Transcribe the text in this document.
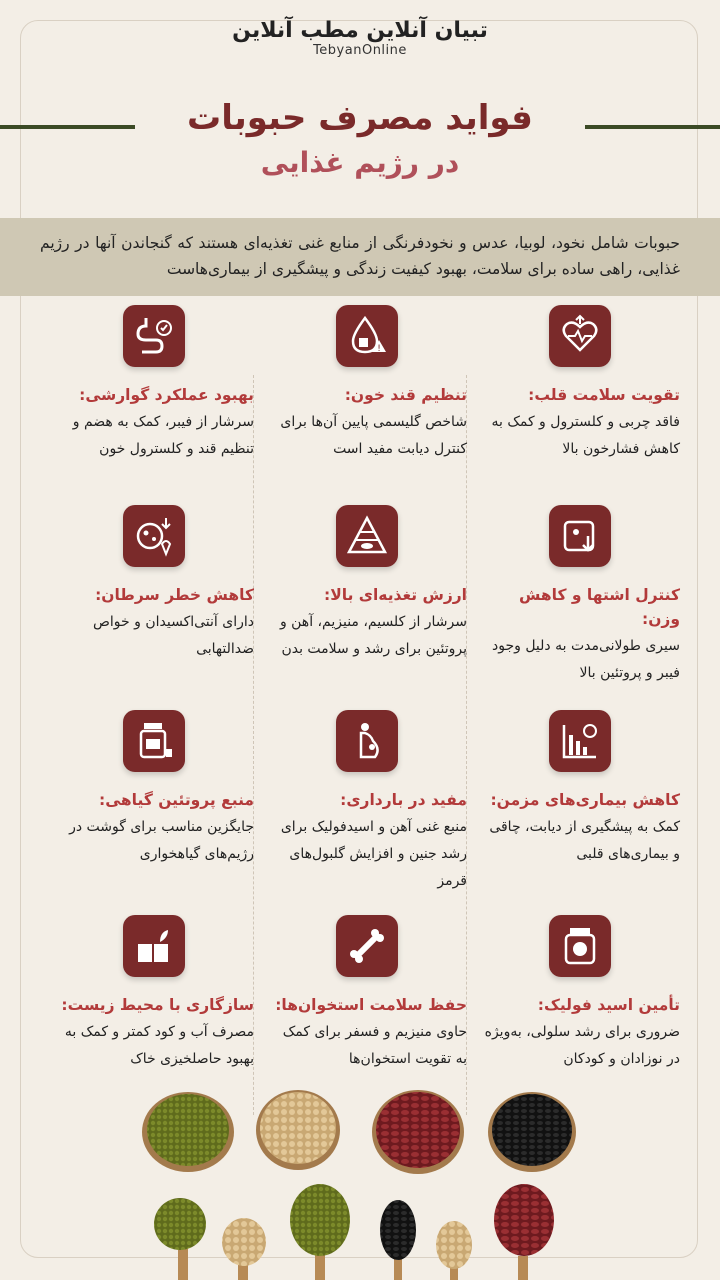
تبیان آنلاین مطب آنلاین
TebyanOnline
فواید مصرف حبوبات
در رژیم غذایی
حبوبات شامل نخود، لوبیا، عدس و نخودفرنگی از منابع غنی تغذیه‌ای هستند که گنجاندن آنها در رژیم غذایی، راهی ساده برای سلامت، بهبود کیفیت زندگی و پیشگیری از بیماری‌هاست
تقویت سلامت قلب:
فاقد چربی و کلسترول و کمک به کاهش فشارخون بالا
!
تنظیم قند خون:
شاخص گلیسمی پایین آن‌ها برای کنترل دیابت مفید است
بهبود عملکرد گوارشی:
سرشار از فیبر، کمک به هضم و تنظیم قند و کلسترول خون
کنترل اشتها و کاهش وزن:
سیری طولانی‌مدت به دلیل وجود فیبر و پروتئین بالا
ارزش تغذیه‌ای بالا:
سرشار از کلسیم، منیزیم، آهن و پروتئین برای رشد و سلامت بدن
کاهش خطر سرطان:
دارای آنتی‌اکسیدان و خواص ضدالتهابی
کاهش بیماری‌های مزمن:
کمک به پیشگیری از دیابت، چاقی و بیماری‌های قلبی
مفید در بارداری:
منبع غنی آهن و اسیدفولیک برای رشد جنین و افزایش گلبول‌های قرمز
منبع پروتئین گیاهی:
جایگزین مناسب برای گوشت در رژیم‌های گیاهخواری
تأمین اسید فولیک:
ضروری برای رشد سلولی، به‌ویژه در نوزادان و کودکان
حفظ سلامت استخوان‌ها:
حاوی منیزیم و فسفر برای کمک به تقویت استخوان‌ها
سازگاری با محیط زیست:
مصرف آب و کود کمتر و کمک به بهبود حاصلخیزی خاک
